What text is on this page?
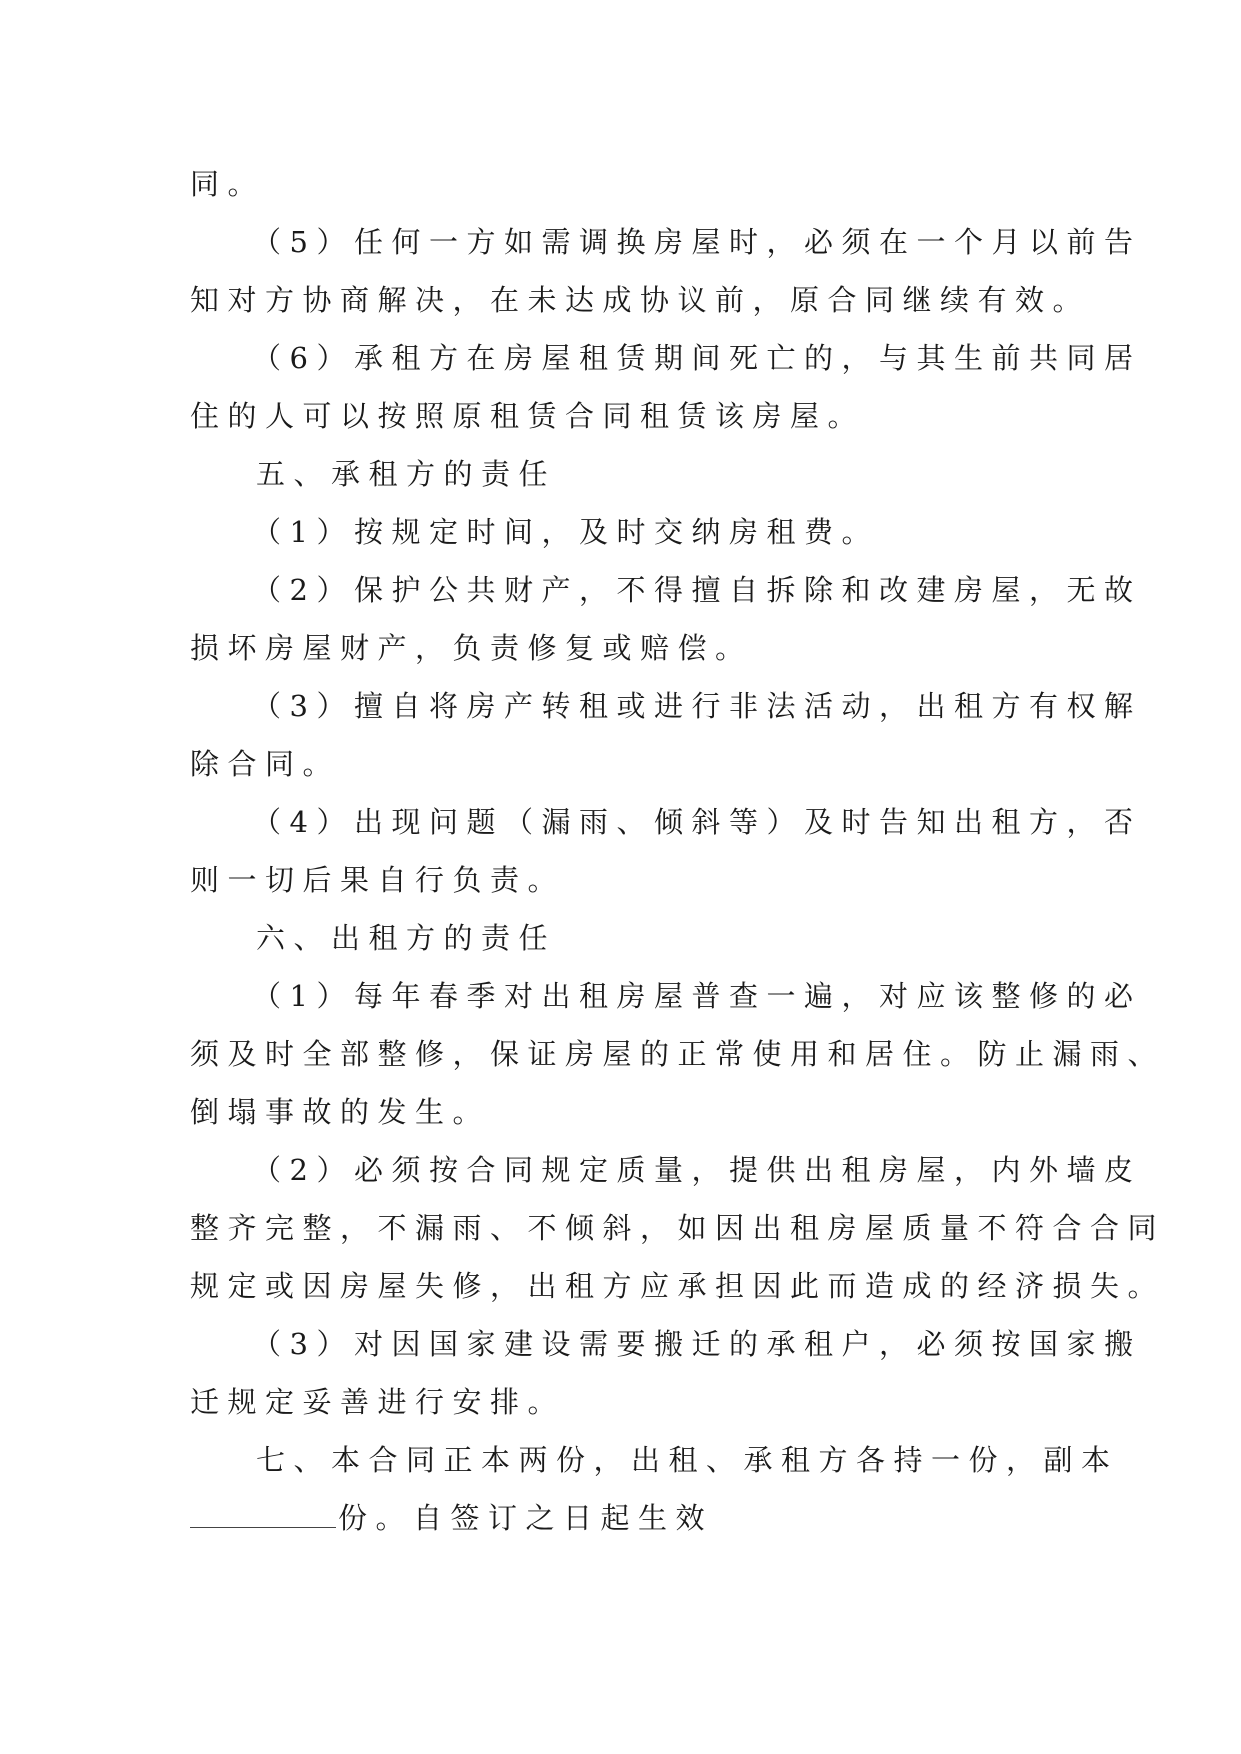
同。
（5）任何一方如需调换房屋时，必须在一个月以前告
知对方协商解决，在未达成协议前，原合同继续有效。
（6）承租方在房屋租赁期间死亡的，与其生前共同居
住的人可以按照原租赁合同租赁该房屋。
五、承租方的责任
（1）按规定时间，及时交纳房租费。
（2）保护公共财产，不得擅自拆除和改建房屋，无故
损坏房屋财产，负责修复或赔偿。
（3）擅自将房产转租或进行非法活动，出租方有权解
除合同。
（4）出现问题（漏雨、倾斜等）及时告知出租方，否
则一切后果自行负责。
六、出租方的责任
（1）每年春季对出租房屋普查一遍，对应该整修的必
须及时全部整修，保证房屋的正常使用和居住。防止漏雨、
倒塌事故的发生。
（2）必须按合同规定质量，提供出租房屋，内外墙皮
整齐完整，不漏雨、不倾斜，如因出租房屋质量不符合合同
规定或因房屋失修，出租方应承担因此而造成的经济损失。
（3）对因国家建设需要搬迁的承租户，必须按国家搬
迁规定妥善进行安排。
七、本合同正本两份，出租、承租方各持一份，副本
份。自签订之日起生效
